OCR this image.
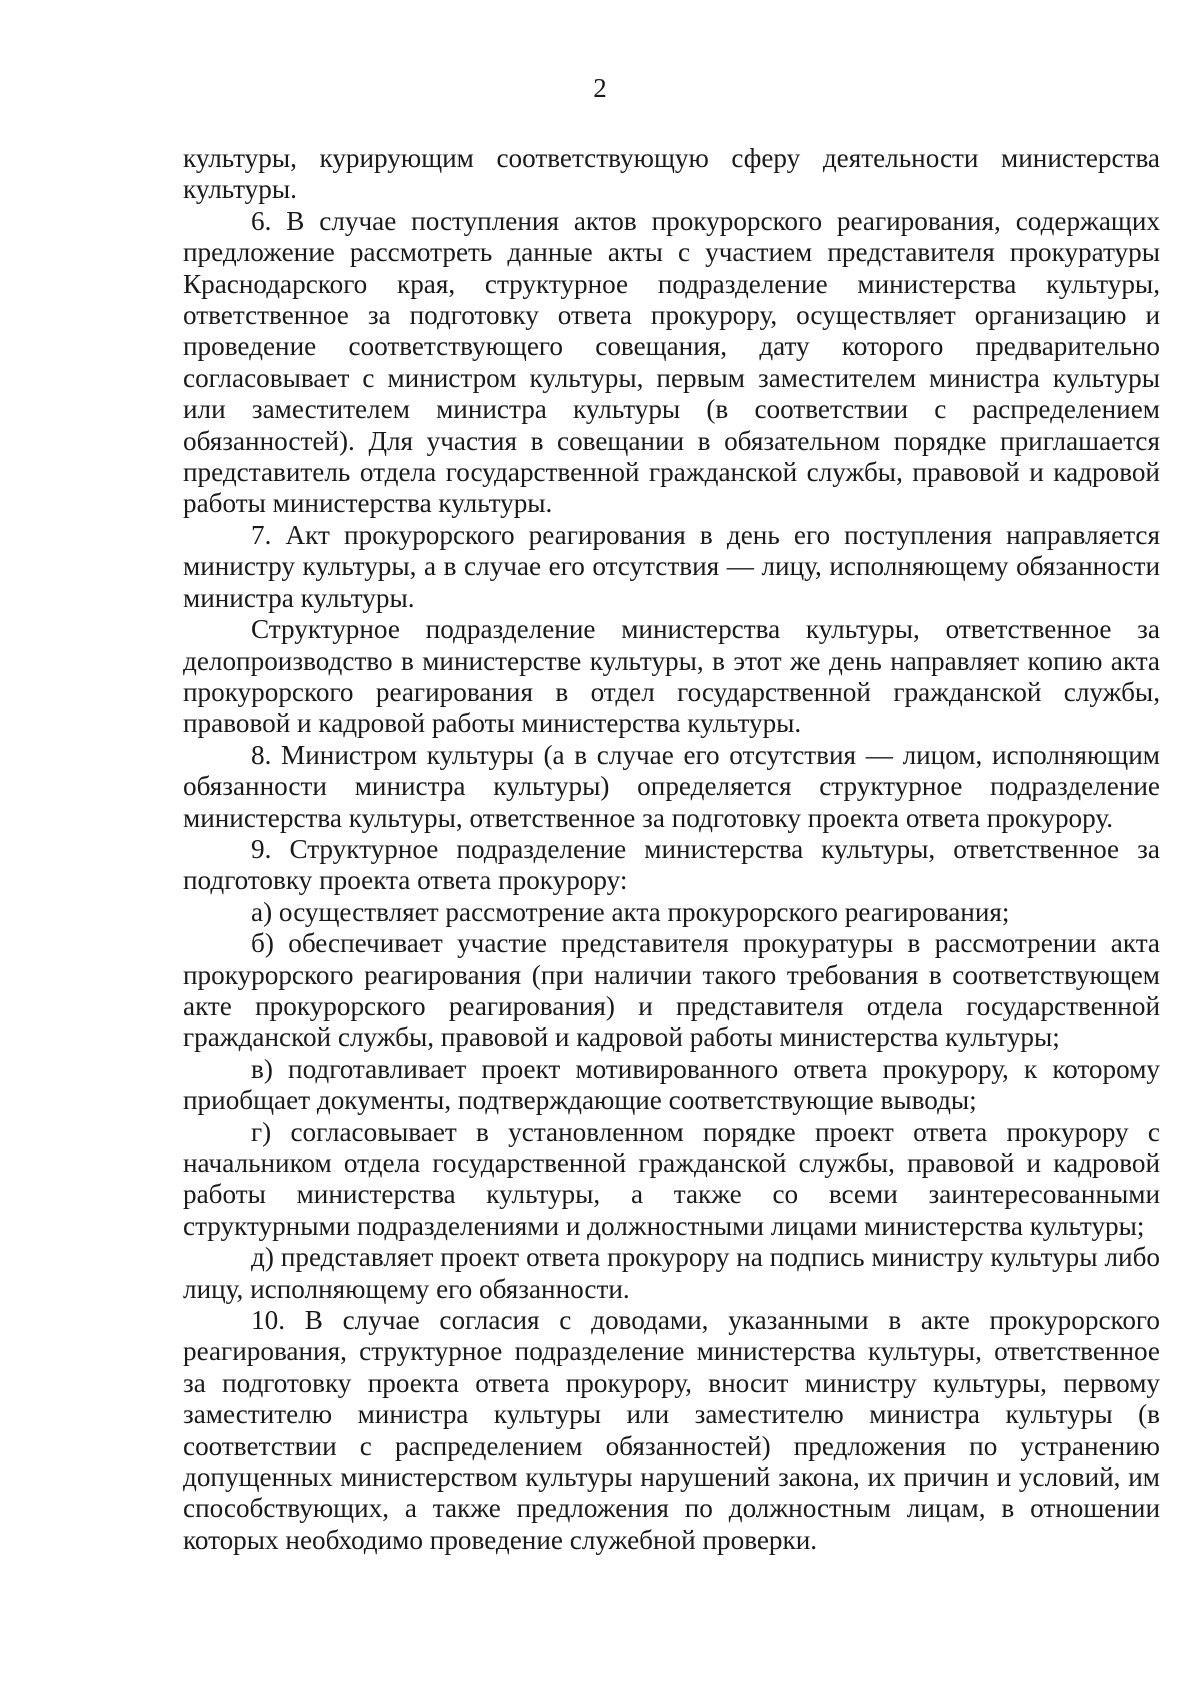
2

культуры, курирующим соответствующую сферу деятельности министерства культуры.

6. В случае поступления актов прокурорского реагирования, содержащих предложение рассмотреть данные акты с участием представителя прокуратуры Краснодарского края, структурное подразделение министерства культуры, ответственное за подготовку ответа прокурору, осуществляет организацию и проведение соответствующего совещания, дату которого предварительно согласовывает с министром культуры, первым заместителем министра культуры или заместителем министра культуры (в соответствии с распределением обязанностей). Для участия в совещании в обязательном порядке приглашается представитель отдела государственной гражданской службы, правовой и кадровой работы министерства культуры.

7. Акт прокурорского реагирования в день его поступления направляется министру культуры, а в случае его отсутствия — лицу, исполняющему обязанности министра культуры.

Структурное подразделение министерства культуры, ответственное за делопроизводство в министерстве культуры, в этот же день направляет копию акта прокурорского реагирования в отдел государственной гражданской службы, правовой и кадровой работы министерства культуры.

8. Министром культуры (а в случае его отсутствия — лицом, исполняющим обязанности министра культуры) определяется структурное подразделение министерства культуры, ответственное за подготовку проекта ответа прокурору.

9. Структурное подразделение министерства культуры, ответственное за подготовку проекта ответа прокурору:

а) осуществляет рассмотрение акта прокурорского реагирования;

б) обеспечивает участие представителя прокуратуры в рассмотрении акта прокурорского реагирования (при наличии такого требования в соответствующем акте прокурорского реагирования) и представителя отдела государственной гражданской службы, правовой и кадровой работы министерства культуры;

в) подготавливает проект мотивированного ответа прокурору, к которому приобщает документы, подтверждающие соответствующие выводы;

г) согласовывает в установленном порядке проект ответа прокурору с начальником отдела государственной гражданской службы, правовой и кадровой работы министерства культуры, а также со всеми заинтересованными структурными подразделениями и должностными лицами министерства культуры;

д) представляет проект ответа прокурору на подпись министру культуры либо лицу, исполняющему его обязанности.

10. В случае согласия с доводами, указанными в акте прокурорского реагирования, структурное подразделение министерства культуры, ответственное за подготовку проекта ответа прокурору, вносит министру культуры, первому заместителю министра культуры или заместителю министра культуры (в соответствии с распределением обязанностей) предложения по устранению допущенных министерством культуры нарушений закона, их причин и условий, им способствующих, а также предложения по должностным лицам, в отношении которых необходимо проведение служебной проверки.
